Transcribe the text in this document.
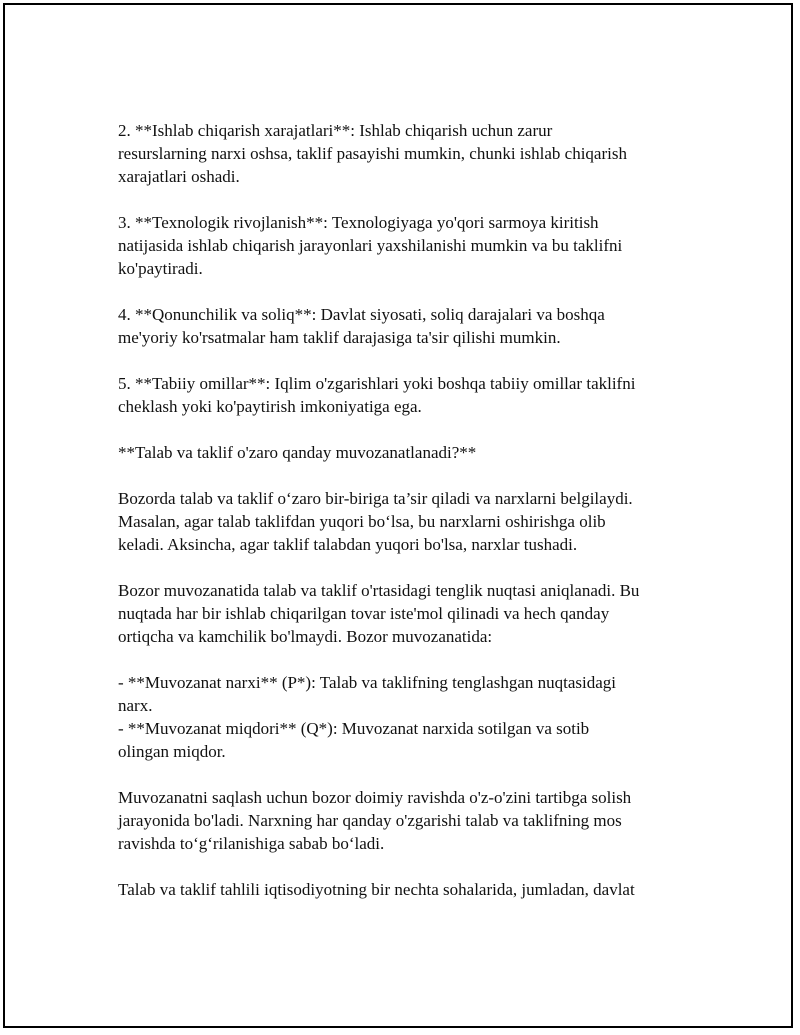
2. **Ishlab chiqarish xarajatlari**: Ishlab chiqarish uchun zarur
resurslarning narxi oshsa, taklif pasayishi mumkin, chunki ishlab chiqarish
xarajatlari oshadi.

3. **Texnologik rivojlanish**: Texnologiyaga yo'qori sarmoya kiritish
natijasida ishlab chiqarish jarayonlari yaxshilanishi mumkin va bu taklifni
ko'paytiradi.

4. **Qonunchilik va soliq**: Davlat siyosati, soliq darajalari va boshqa
me'yoriy ko'rsatmalar ham taklif darajasiga ta'sir qilishi mumkin.

5. **Tabiiy omillar**: Iqlim o'zgarishlari yoki boshqa tabiiy omillar taklifni
cheklash yoki ko'paytirish imkoniyatiga ega.

**Talab va taklif o'zaro qanday muvozanatlanadi?**

Bozorda talab va taklif o‘zaro bir-biriga ta’sir qiladi va narxlarni belgilaydi.
Masalan, agar talab taklifdan yuqori bo‘lsa, bu narxlarni oshirishga olib
keladi. Aksincha, agar taklif talabdan yuqori bo'lsa, narxlar tushadi.

Bozor muvozanatida talab va taklif o'rtasidagi tenglik nuqtasi aniqlanadi. Bu
nuqtada har bir ishlab chiqarilgan tovar iste'mol qilinadi va hech qanday
ortiqcha va kamchilik bo'lmaydi. Bozor muvozanatida:

- **Muvozanat narxi** (P*): Talab va taklifning tenglashgan nuqtasidagi
narx.

- **Muvozanat miqdori** (Q*): Muvozanat narxida sotilgan va sotib
olingan miqdor.

Muvozanatni saqlash uchun bozor doimiy ravishda o'z-o'zini tartibga solish
jarayonida bo'ladi. Narxning har qanday o'zgarishi talab va taklifning mos
ravishda to‘g‘rilanishiga sabab bo‘ladi.

Talab va taklif tahlili iqtisodiyotning bir nechta sohalarida, jumladan, davlat
